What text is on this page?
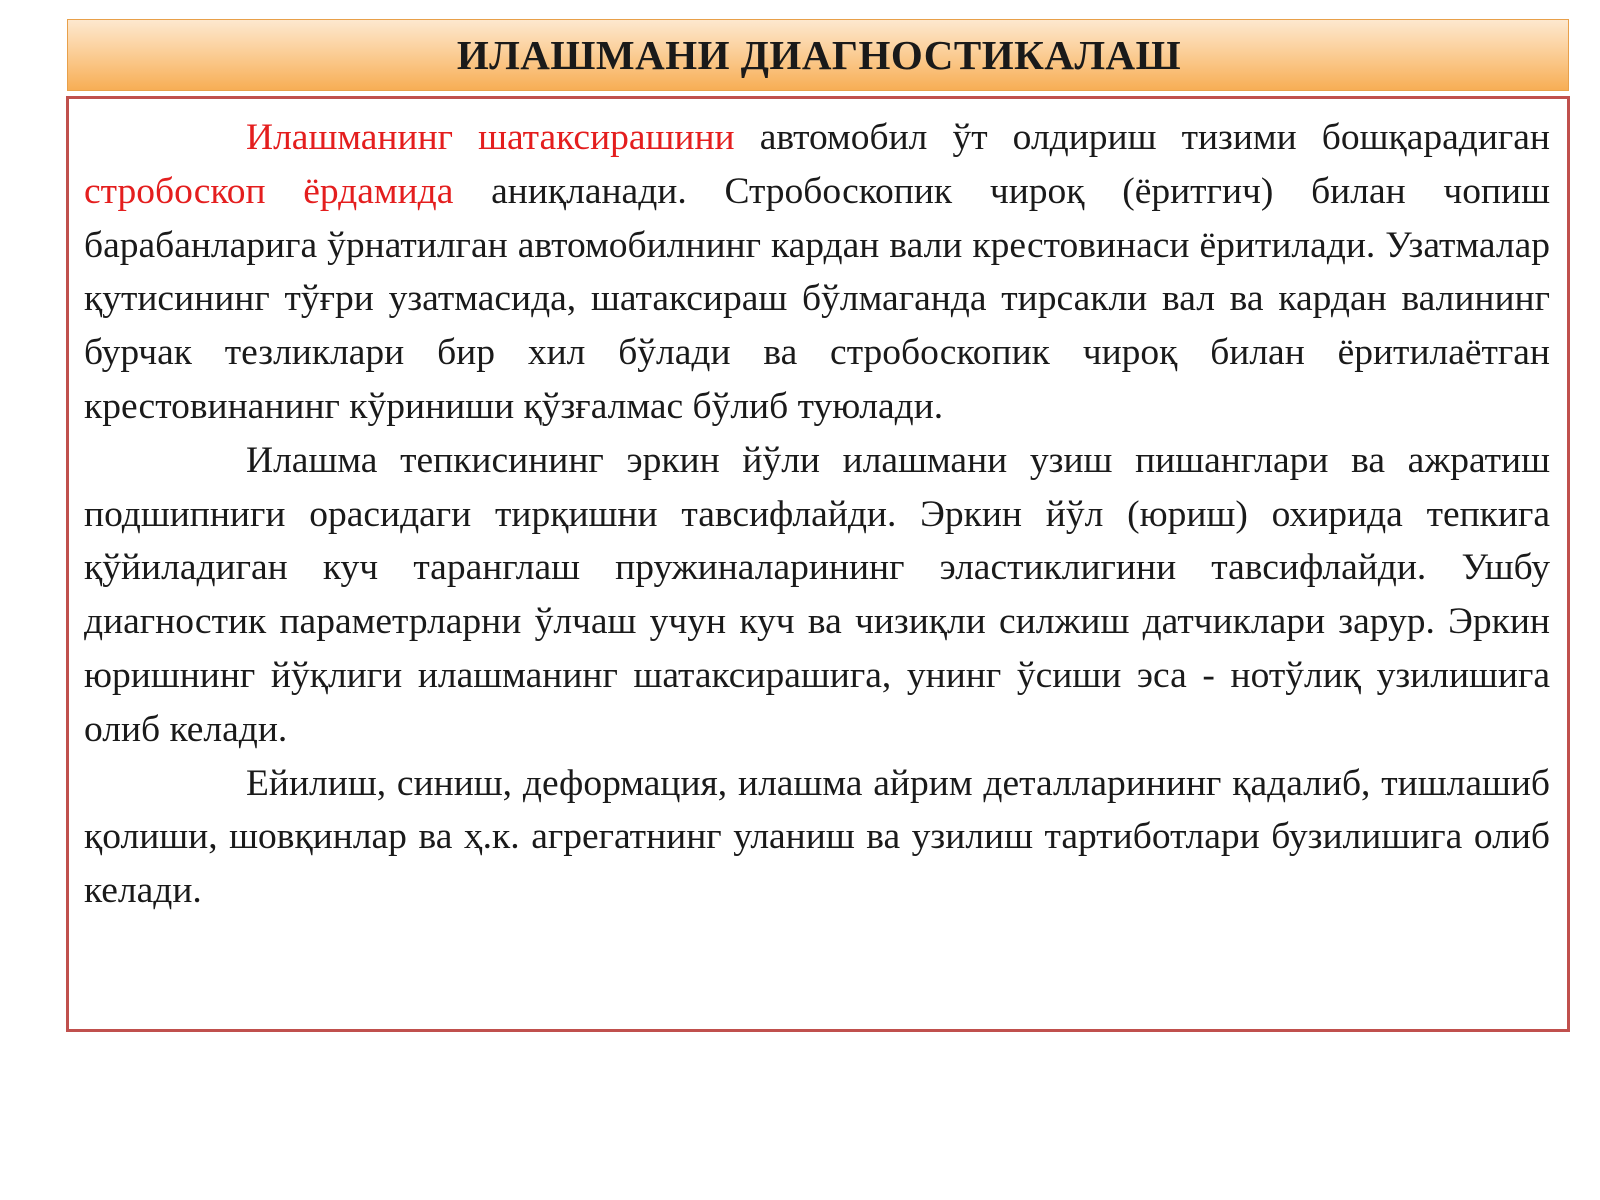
ИЛАШМАНИ ДИАГНОСТИКАЛАШ

Илашманинг шатаксирашини автомобил ўт олдириш тизими бошқарадиган стробоскоп ёрдамида аниқланади. Стробоскопик чироқ (ёритгич) билан чопиш барабанларига ўрнатилган автомобилнинг кардан вали крестовинаси ёритилади. Узатмалар қутисининг тўғри узатмасида, шатаксираш бўлмаганда тирсакли вал ва кардан валининг бурчак тезликлари бир хил бўлади ва стробоскопик чироқ билан ёритилаётган крестовинанинг кўриниши қўзғалмас бўлиб туюлади.

Илашма тепкисининг эркин йўли илашмани узиш пишанглари ва ажратиш подшипниги орасидаги тирқишни тавсифлайди. Эркин йўл (юриш) охирида тепкига қўйиладиган куч таранглаш пружиналарининг эластиклигини тавсифлайди. Ушбу диагностик параметрларни ўлчаш учун куч ва чизиқли силжиш датчиклари зарур. Эркин юришнинг йўқлиги илашманинг шатаксирашига, унинг ўсиши эса - нотўлиқ узилишига олиб келади.

Ейилиш, синиш, деформация, илашма айрим деталларининг қадалиб, тишлашиб қолиши, шовқинлар ва ҳ.к. агрегатнинг уланиш ва узилиш тартиботлари бузилишига олиб келади.
